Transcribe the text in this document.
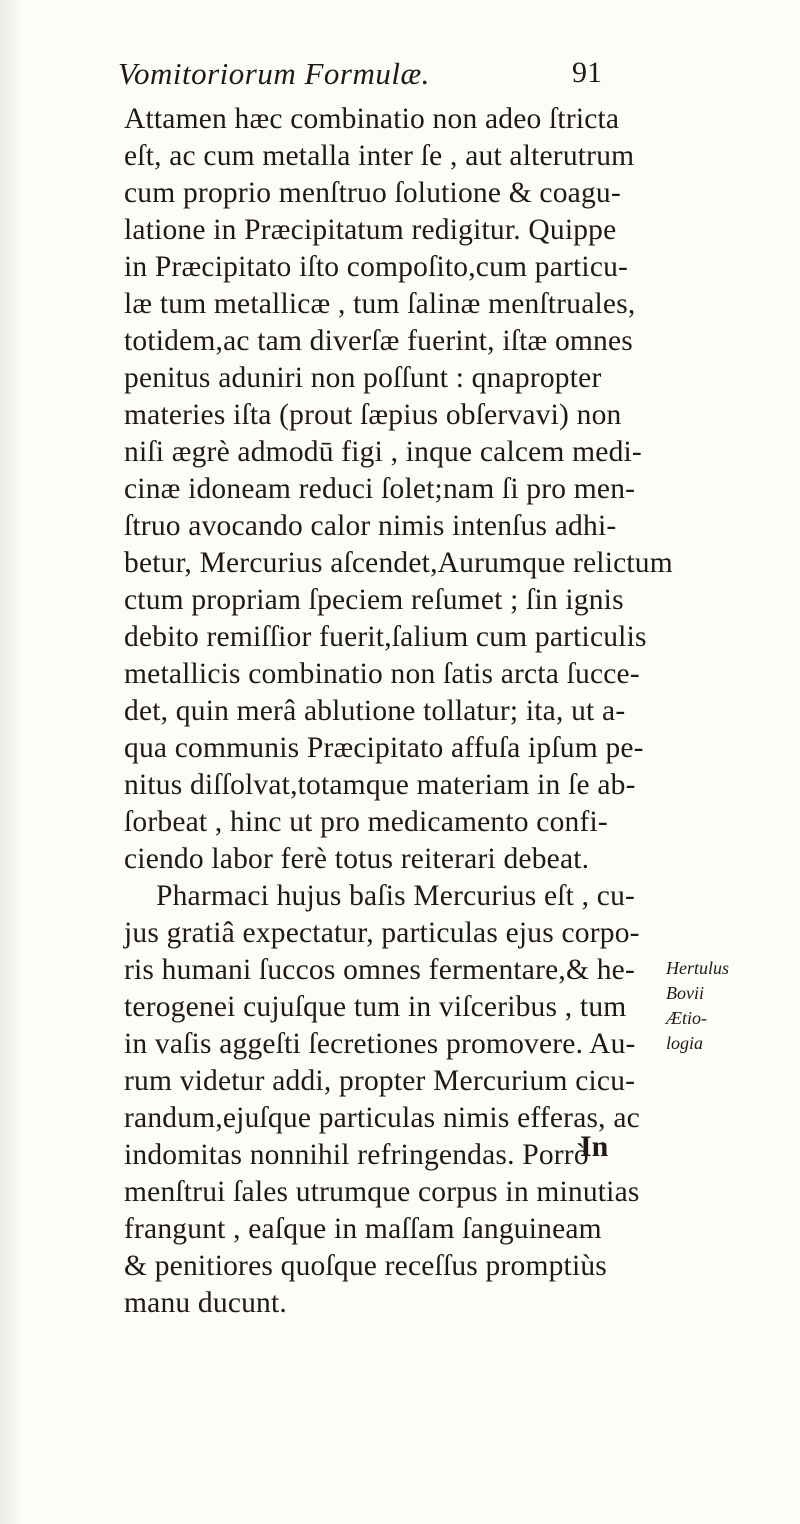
Vomitoriorum Formulæ.	91
Attamen hæc combinatio non adeo ſtricta
eſt, ac cum metalla inter ſe , aut alterutrum
cum proprio menſtruo ſolutione & coagu-
latione in Præcipitatum redigitur. Quippe
in Præcipitato iſto compoſito,cum particu-
læ tum metallicæ , tum ſalinæ menſtruales,
totidem,ac tam diverſæ fuerint, iſtæ omnes
penitus aduniri non poſſunt : qnapropter
materies iſta (prout ſæpius obſervavi) non
niſi ægrè admodū figi , inque calcem medi-
cinæ idoneam reduci ſolet;nam ſi pro men-
ſtruo avocando calor nimis intenſus adhi-
betur, Mercurius aſcendet,Aurumque relictum
ctum propriam ſpeciem reſumet ; ſin ignis
debito remiſſior fuerit,ſalium cum particulis
metallicis combinatio non ſatis arcta ſucce-
det, quin merâ ablutione tollatur; ita, ut a-
qua communis Præcipitato affuſa ipſum pe-
nitus diſſolvat,totamque materiam in ſe ab-
ſorbeat , hinc ut pro medicamento confi-
ciendo labor ferè totus reiterari debeat.
Pharmaci hujus baſis Mercurius eſt , cu-
jus gratiâ expectatur, particulas ejus corpo-
ris humani ſuccos omnes fermentare,& he-
terogenei cujuſque tum in viſceribus , tum
in vaſis aggeſti ſecretiones promovere. Au-
rum videtur addi, propter Mercurium cicu-
randum,ejuſque particulas nimis efferas, ac
indomitas nonnihil refringendas. Porrò
menſtrui ſales utrumque corpus in minutias
frangunt , eaſque in maſſam ſanguineam
& penitiores quoſque receſſus promptiùs
manu ducunt.
Hertulus
Bovii
Ætio-
logia
In
